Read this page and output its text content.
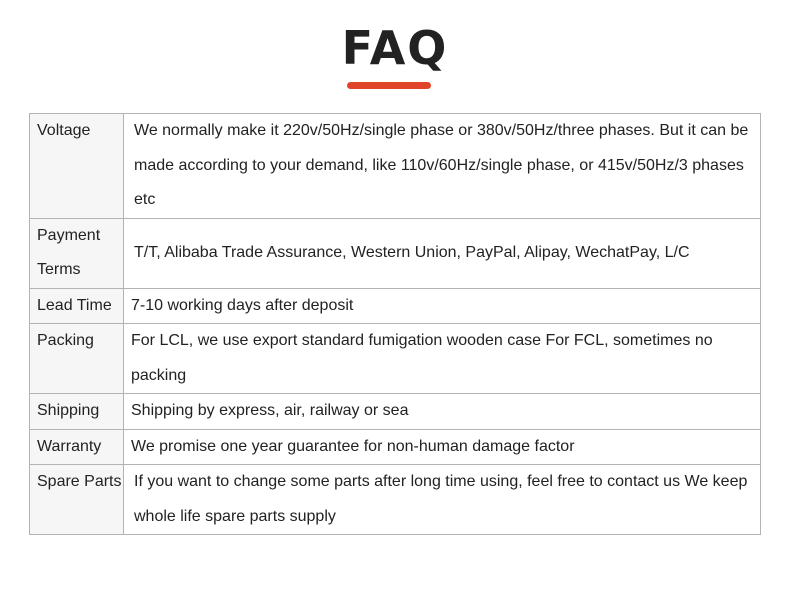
FAQ
Voltage	We normally make it 220v/50Hz/single phase or 380v/50Hz/three phases. But it can be made according to your demand, like 110v/60Hz/single phase, or 415v/50Hz/3 phases etc
Payment Terms	T/T, Alibaba Trade Assurance, Western Union, PayPal, Alipay, WechatPay, L/C
Lead Time	7-10 working days after deposit
Packing	For LCL, we use export standard fumigation wooden case For FCL, sometimes no packing
Shipping	Shipping by express, air, railway or sea
Warranty	We promise one year guarantee for non-human damage factor
Spare Parts	If you want to change some parts after long time using, feel free to contact us We keep whole life spare parts supply
